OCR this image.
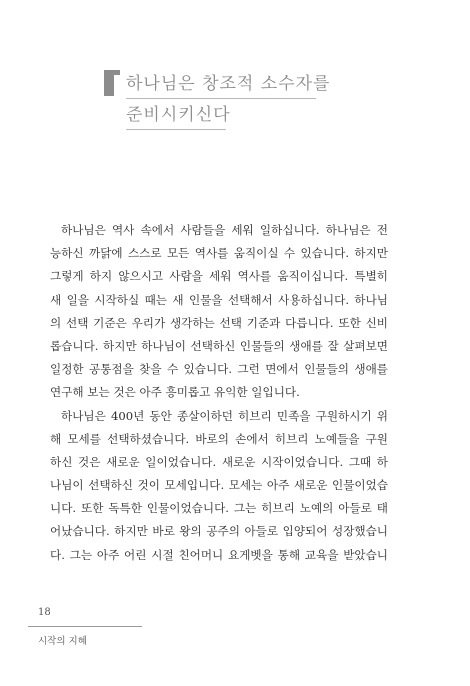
하나님은 창조적 소수자를
준비시키신다
하나님은 역사 속에서 사람들을 세워 일하십니다. 하나님은 전
능하신 까닭에 스스로 모든 역사를 움직이실 수 있습니다. 하지만
그렇게 하지 않으시고 사람을 세워 역사를 움직이십니다. 특별히
새 일을 시작하실 때는 새 인물을 선택해서 사용하십니다. 하나님
의 선택 기준은 우리가 생각하는 선택 기준과 다릅니다. 또한 신비
롭습니다. 하지만 하나님이 선택하신 인물들의 생애를 잘 살펴보면
일정한 공통점을 찾을 수 있습니다. 그런 면에서 인물들의 생애를
연구해 보는 것은 아주 흥미롭고 유익한 일입니다.
하나님은 400년 동안 종살이하던 히브리 민족을 구원하시기 위
해 모세를 선택하셨습니다. 바로의 손에서 히브리 노예들을 구원
하신 것은 새로운 일이었습니다. 새로운 시작이었습니다. 그때 하
나님이 선택하신 것이 모세입니다. 모세는 아주 새로운 인물이었습
니다. 또한 독특한 인물이었습니다. 그는 히브리 노예의 아들로 태
어났습니다. 하지만 바로 왕의 공주의 아들로 입양되어 성장했습니
다. 그는 아주 어린 시절 친어머니 요게벳을 통해 교육을 받았습니
18
시작의 지혜
